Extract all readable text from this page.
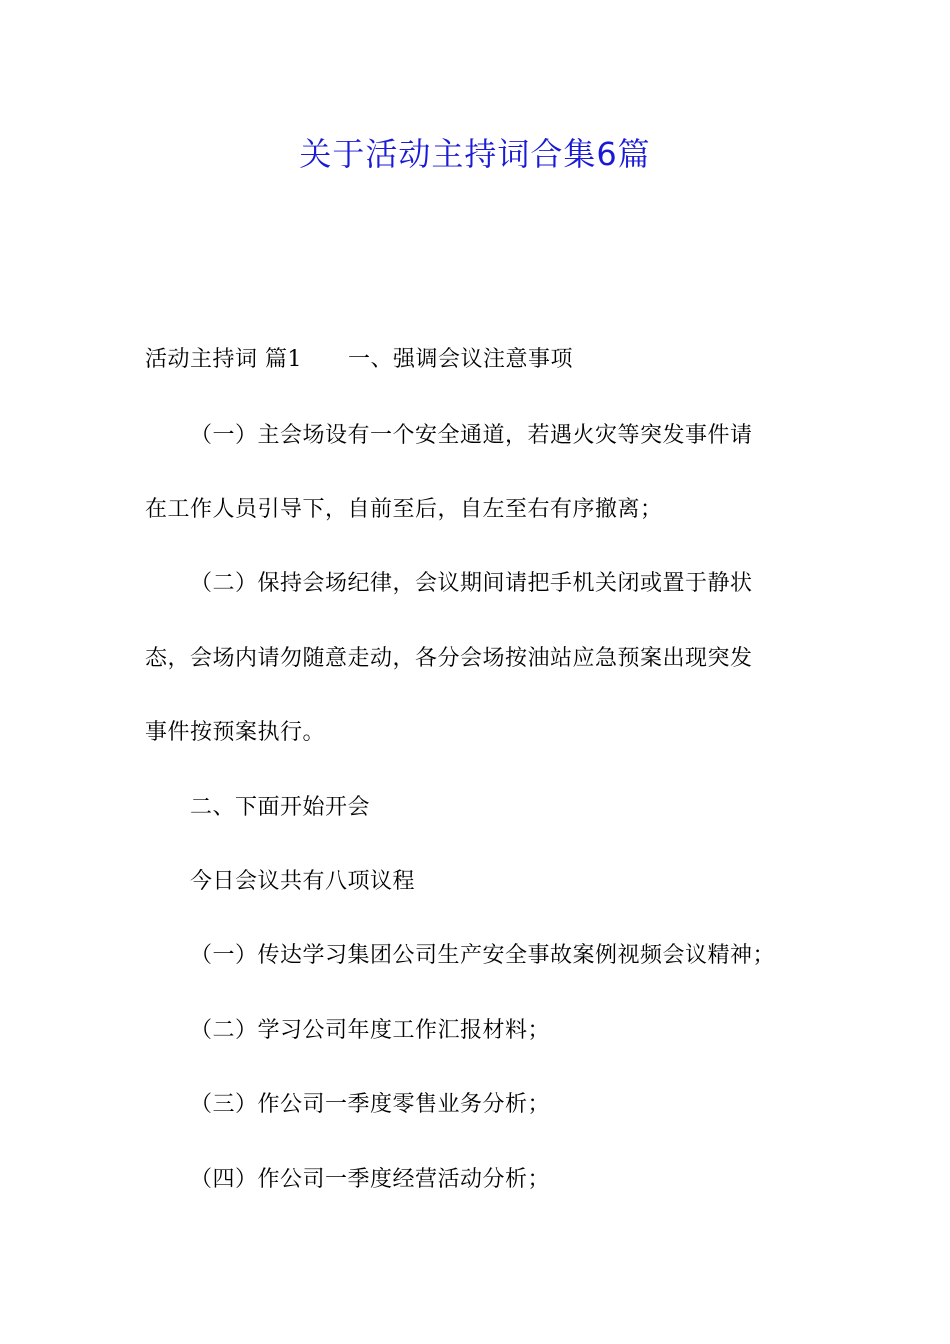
关于活动主持词合集6篇
活动主持词 篇1 一、强调会议注意事项
（一）主会场设有一个安全通道，若遇火灾等突发事件请
在工作人员引导下，自前至后，自左至右有序撤离；
（二）保持会场纪律，会议期间请把手机关闭或置于静状
态，会场内请勿随意走动，各分会场按油站应急预案出现突发
事件按预案执行。
二、下面开始开会
今日会议共有八项议程
（一）传达学习集团公司生产安全事故案例视频会议精神；
（二）学习公司年度工作汇报材料；
（三）作公司一季度零售业务分析；
（四）作公司一季度经营活动分析；
